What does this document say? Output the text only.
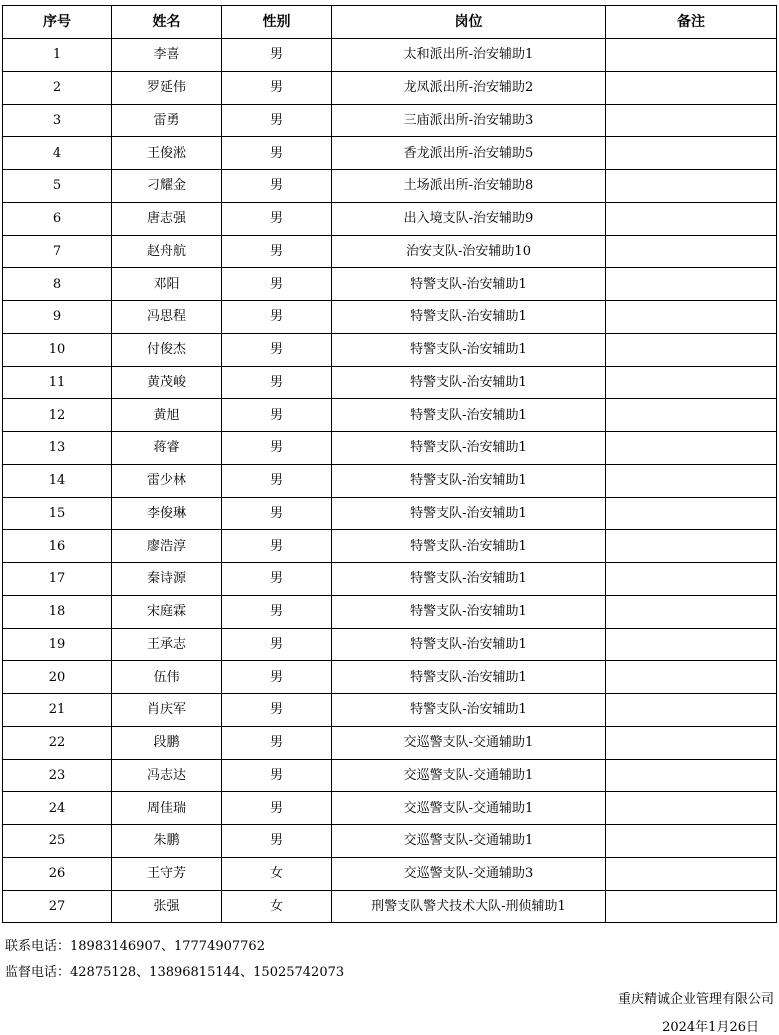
序号	姓名	性别	岗位	备注
1	李喜	男	太和派出所-治安辅助1	
2	罗延伟	男	龙凤派出所-治安辅助2	
3	雷勇	男	三庙派出所-治安辅助3	
4	王俊淞	男	香龙派出所-治安辅助5	
5	刁耀金	男	土场派出所-治安辅助8	
6	唐志强	男	出入境支队-治安辅助9	
7	赵舟航	男	治安支队-治安辅助10	
8	邓阳	男	特警支队-治安辅助1	
9	冯思程	男	特警支队-治安辅助1	
10	付俊杰	男	特警支队-治安辅助1	
11	黄茂峻	男	特警支队-治安辅助1	
12	黄旭	男	特警支队-治安辅助1	
13	蒋睿	男	特警支队-治安辅助1	
14	雷少林	男	特警支队-治安辅助1	
15	李俊琳	男	特警支队-治安辅助1	
16	廖浩淳	男	特警支队-治安辅助1	
17	秦诗源	男	特警支队-治安辅助1	
18	宋庭霖	男	特警支队-治安辅助1	
19	王承志	男	特警支队-治安辅助1	
20	伍伟	男	特警支队-治安辅助1	
21	肖庆军	男	特警支队-治安辅助1	
22	段鹏	男	交巡警支队-交通辅助1	
23	冯志达	男	交巡警支队-交通辅助1	
24	周佳瑞	男	交巡警支队-交通辅助1	
25	朱鹏	男	交巡警支队-交通辅助1	
26	王守芳	女	交巡警支队-交通辅助3	
27	张强	女	刑警支队警犬技术大队-刑侦辅助1	
联系电话：18983146907、17774907762
监督电话：42875128、13896815144、15025742073
重庆精诚企业管理有限公司
2024年1月26日
